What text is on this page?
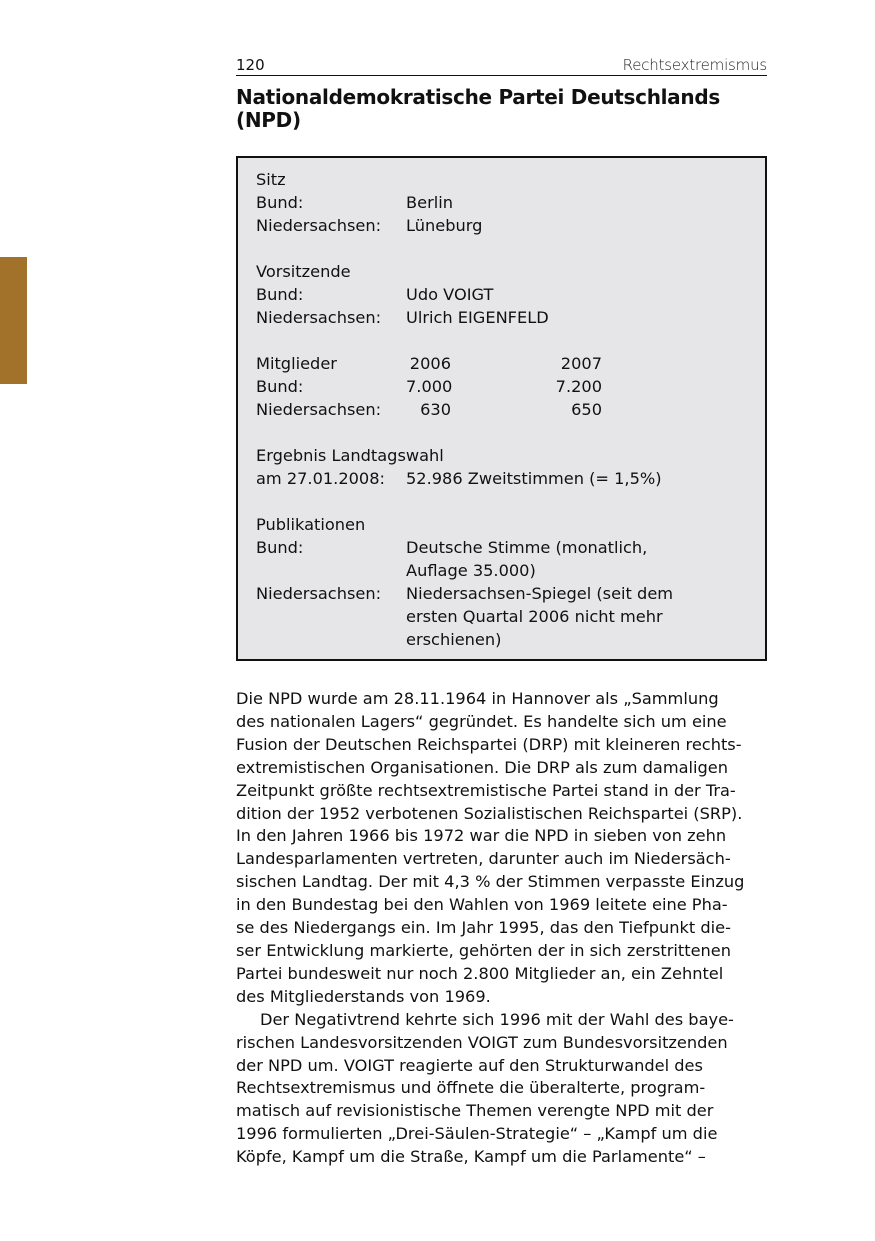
120	Rechtsextremismus
Nationaldemokratische Partei Deutschlands
(NPD)
Sitz
Bund:	Berlin
Niedersachsen:	Lüneburg
Vorsitzende
Bund:	Udo VOIGT
Niedersachsen:	Ulrich EIGENFELD
Mitglieder	2006	2007
Bund:	7.000	7.200
Niedersachsen:	630	650
Ergebnis Landtagswahl
am 27.01.2008:	52.986 Zweitstimmen (= 1,5%)
Publikationen
Bund:	Deutsche Stimme (monatlich,
Auflage 35.000)
Niedersachsen:	Niedersachsen-Spiegel (seit dem
ersten Quartal 2006 nicht mehr
erschienen)
Die NPD wurde am 28.11.1964 in Hannover als „Sammlung
des nationalen Lagers“ gegründet. Es handelte sich um eine
Fusion der Deutschen Reichspartei (DRP) mit kleineren rechts-
extremistischen Organisationen. Die DRP als zum damaligen
Zeitpunkt größte rechtsextremistische Partei stand in der Tra-
dition der 1952 verbotenen Sozialistischen Reichspartei (SRP).
In den Jahren 1966 bis 1972 war die NPD in sieben von zehn
Landesparlamenten vertreten, darunter auch im Niedersäch-
sischen Landtag. Der mit 4,3 % der Stimmen verpasste Einzug
in den Bundestag bei den Wahlen von 1969 leitete eine Pha-
se des Niedergangs ein. Im Jahr 1995, das den Tiefpunkt die-
ser Entwicklung markierte, gehörten der in sich zerstrittenen
Partei bundesweit nur noch 2.800 Mitglieder an, ein Zehntel
des Mitgliederstands von 1969.
Der Negativtrend kehrte sich 1996 mit der Wahl des baye-
rischen Landesvorsitzenden VOIGT zum Bundesvorsitzenden
der NPD um. VOIGT reagierte auf den Strukturwandel des
Rechtsextremismus und öffnete die überalterte, program-
matisch auf revisionistische Themen verengte NPD mit der
1996 formulierten „Drei-Säulen-Strategie“ – „Kampf um die
Köpfe, Kampf um die Straße, Kampf um die Parlamente“ –
